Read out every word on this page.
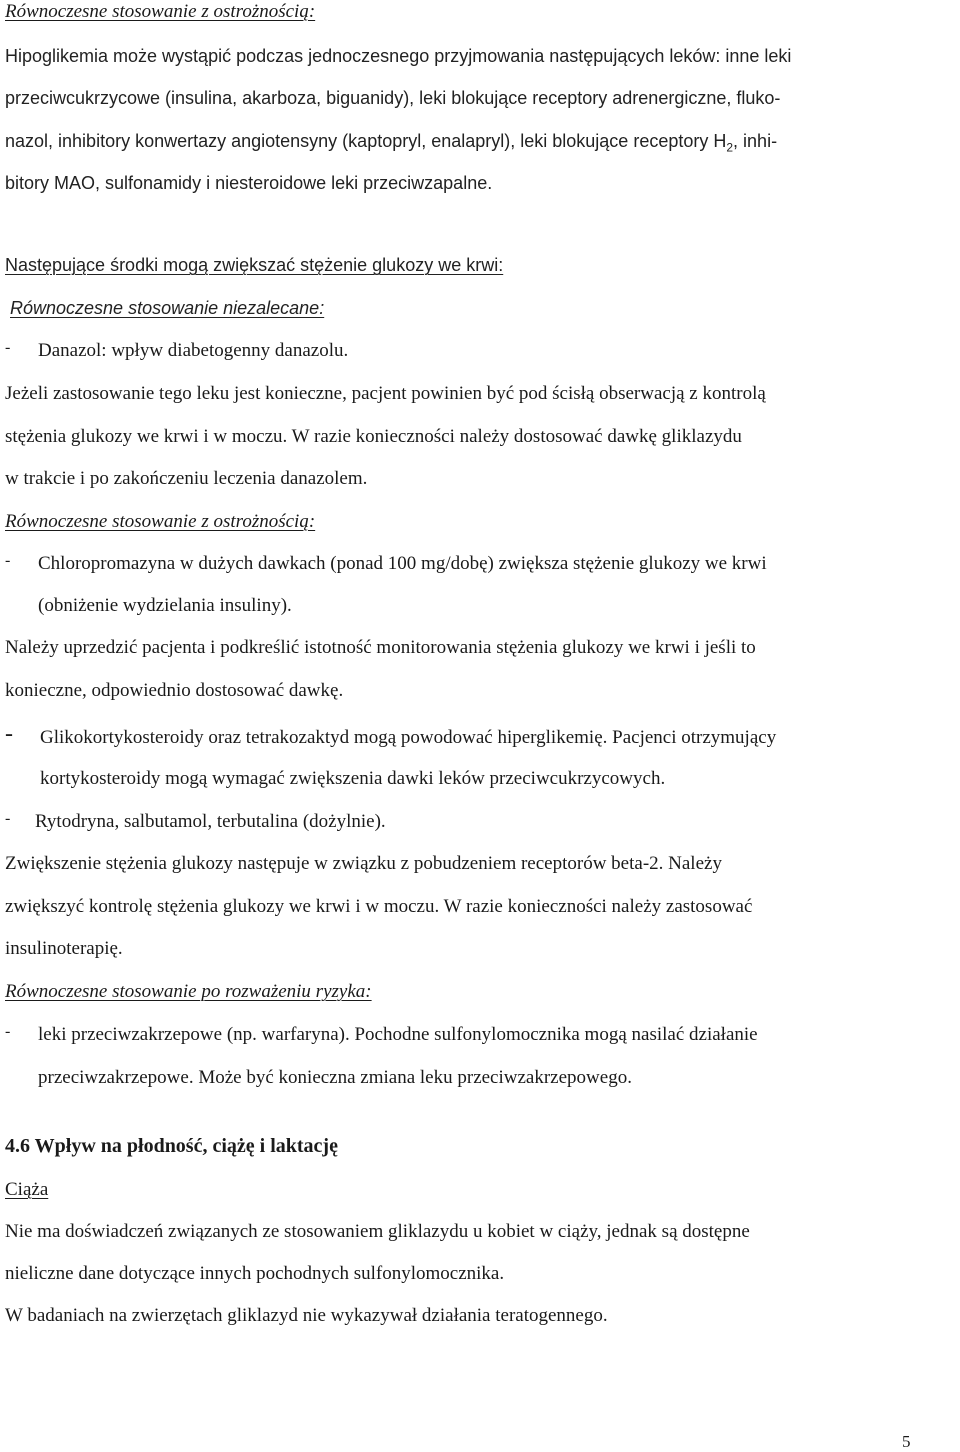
Równoczesne stosowanie z ostrożnością:
Hipoglikemia może wystąpić podczas jednoczesnego przyjmowania następujących leków: inne leki
przeciwcukrzycowe (insulina, akarboza, biguanidy), leki blokujące receptory adrenergiczne, fluko-
nazol, inhibitory konwertazy angiotensyny (kaptopryl, enalapryl), leki blokujące receptory $H_2$, inhi-
bitory MAO, sulfonamidy i niesteroidowe leki przeciwzapalne.
Następujące środki mogą zwiększać stężenie glukozy we krwi:
Równoczesne stosowanie niezalecane:
- Danazol: wpływ diabetogenny danazolu.
Jeżeli zastosowanie tego leku jest konieczne, pacjent powinien być pod ścisłą obserwacją z kontrolą
stężenia glukozy we krwi i w moczu. W razie konieczności należy dostosować dawkę gliklazydu
w trakcie i po zakończeniu leczenia danazolem.
Równoczesne stosowanie z ostrożnością:
- Chloropromazyna w dużych dawkach (ponad 100 mg/dobę) zwiększa stężenie glukozy we krwi
(obniżenie wydzielania insuliny).
Należy uprzedzić pacjenta i podkreślić istotność monitorowania stężenia glukozy we krwi i jeśli to
konieczne, odpowiednio dostosować dawkę.
- Glikokortykosteroidy oraz tetrakozaktyd mogą powodować hiperglikemię. Pacjenci otrzymujący
kortykosteroidy mogą wymagać zwiększenia dawki leków przeciwcukrzycowych.
- Rytodryna, salbutamol, terbutalina (dożylnie).
Zwiększenie stężenia glukozy następuje w związku z pobudzeniem receptorów beta-2. Należy
zwiększyć kontrolę stężenia glukozy we krwi i w moczu. W razie konieczności należy zastosować
insulinoterapię.
Równoczesne stosowanie po rozważeniu ryzyka:
- leki przeciwzakrzepowe (np. warfaryna). Pochodne sulfonylomocznika mogą nasilać działanie
przeciwzakrzepowe. Może być konieczna zmiana leku przeciwzakrzepowego.
4.6 Wpływ na płodność, ciążę i laktację
Ciąża
Nie ma doświadczeń związanych ze stosowaniem gliklazydu u kobiet w ciąży, jednak są dostępne
nieliczne dane dotyczące innych pochodnych sulfonylomocznika.
W badaniach na zwierzętach gliklazyd nie wykazywał działania teratogennego.
5
